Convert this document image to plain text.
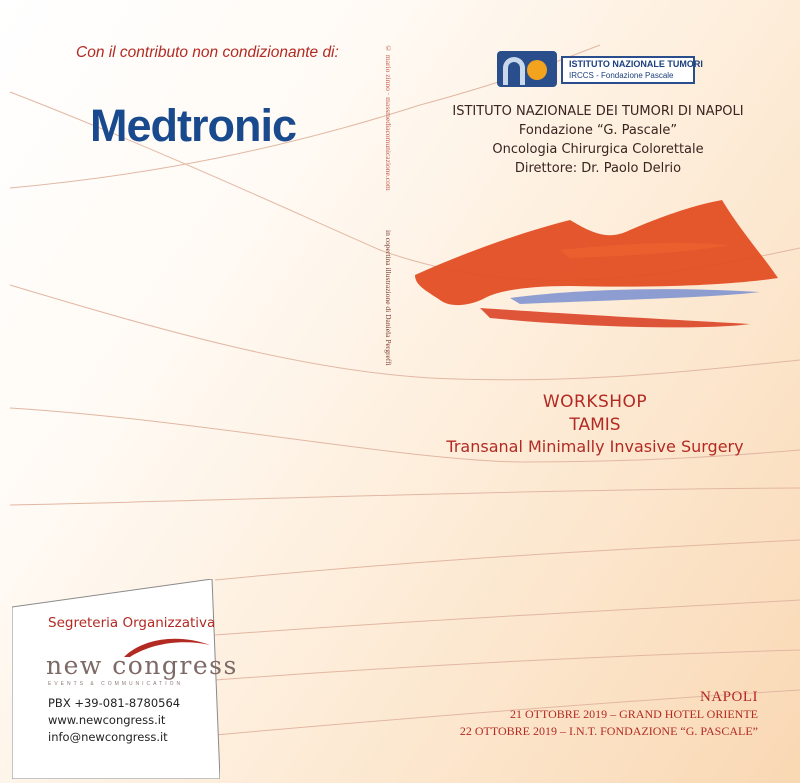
Con il contributo non condizionante di:
Medtronic	© mario zinno · massmediacomunicazione.com
in copertina illustrazione di Daniela Pergreffi
ISTITUTO NAZIONALE TUMORI
IRCCS - Fondazione Pascale
ISTITUTO NAZIONALE DEI TUMORI DI NAPOLI
Fondazione “G. Pascale”
Oncologia Chirurgica Colorettale
Direttore: Dr. Paolo Delrio
WORKSHOP
TAMIS
Transanal Minimally Invasive Surgery
Segreteria Organizzativa
new congress
EVENTS & COMMUNICATION
PBX +39-081-8780564
www.newcongress.it
info@newcongress.it
NAPOLI
21 OTTOBRE 2019 – GRAND HOTEL ORIENTE
22 OTTOBRE 2019 – I.N.T. FONDAZIONE “G. PASCALE”
